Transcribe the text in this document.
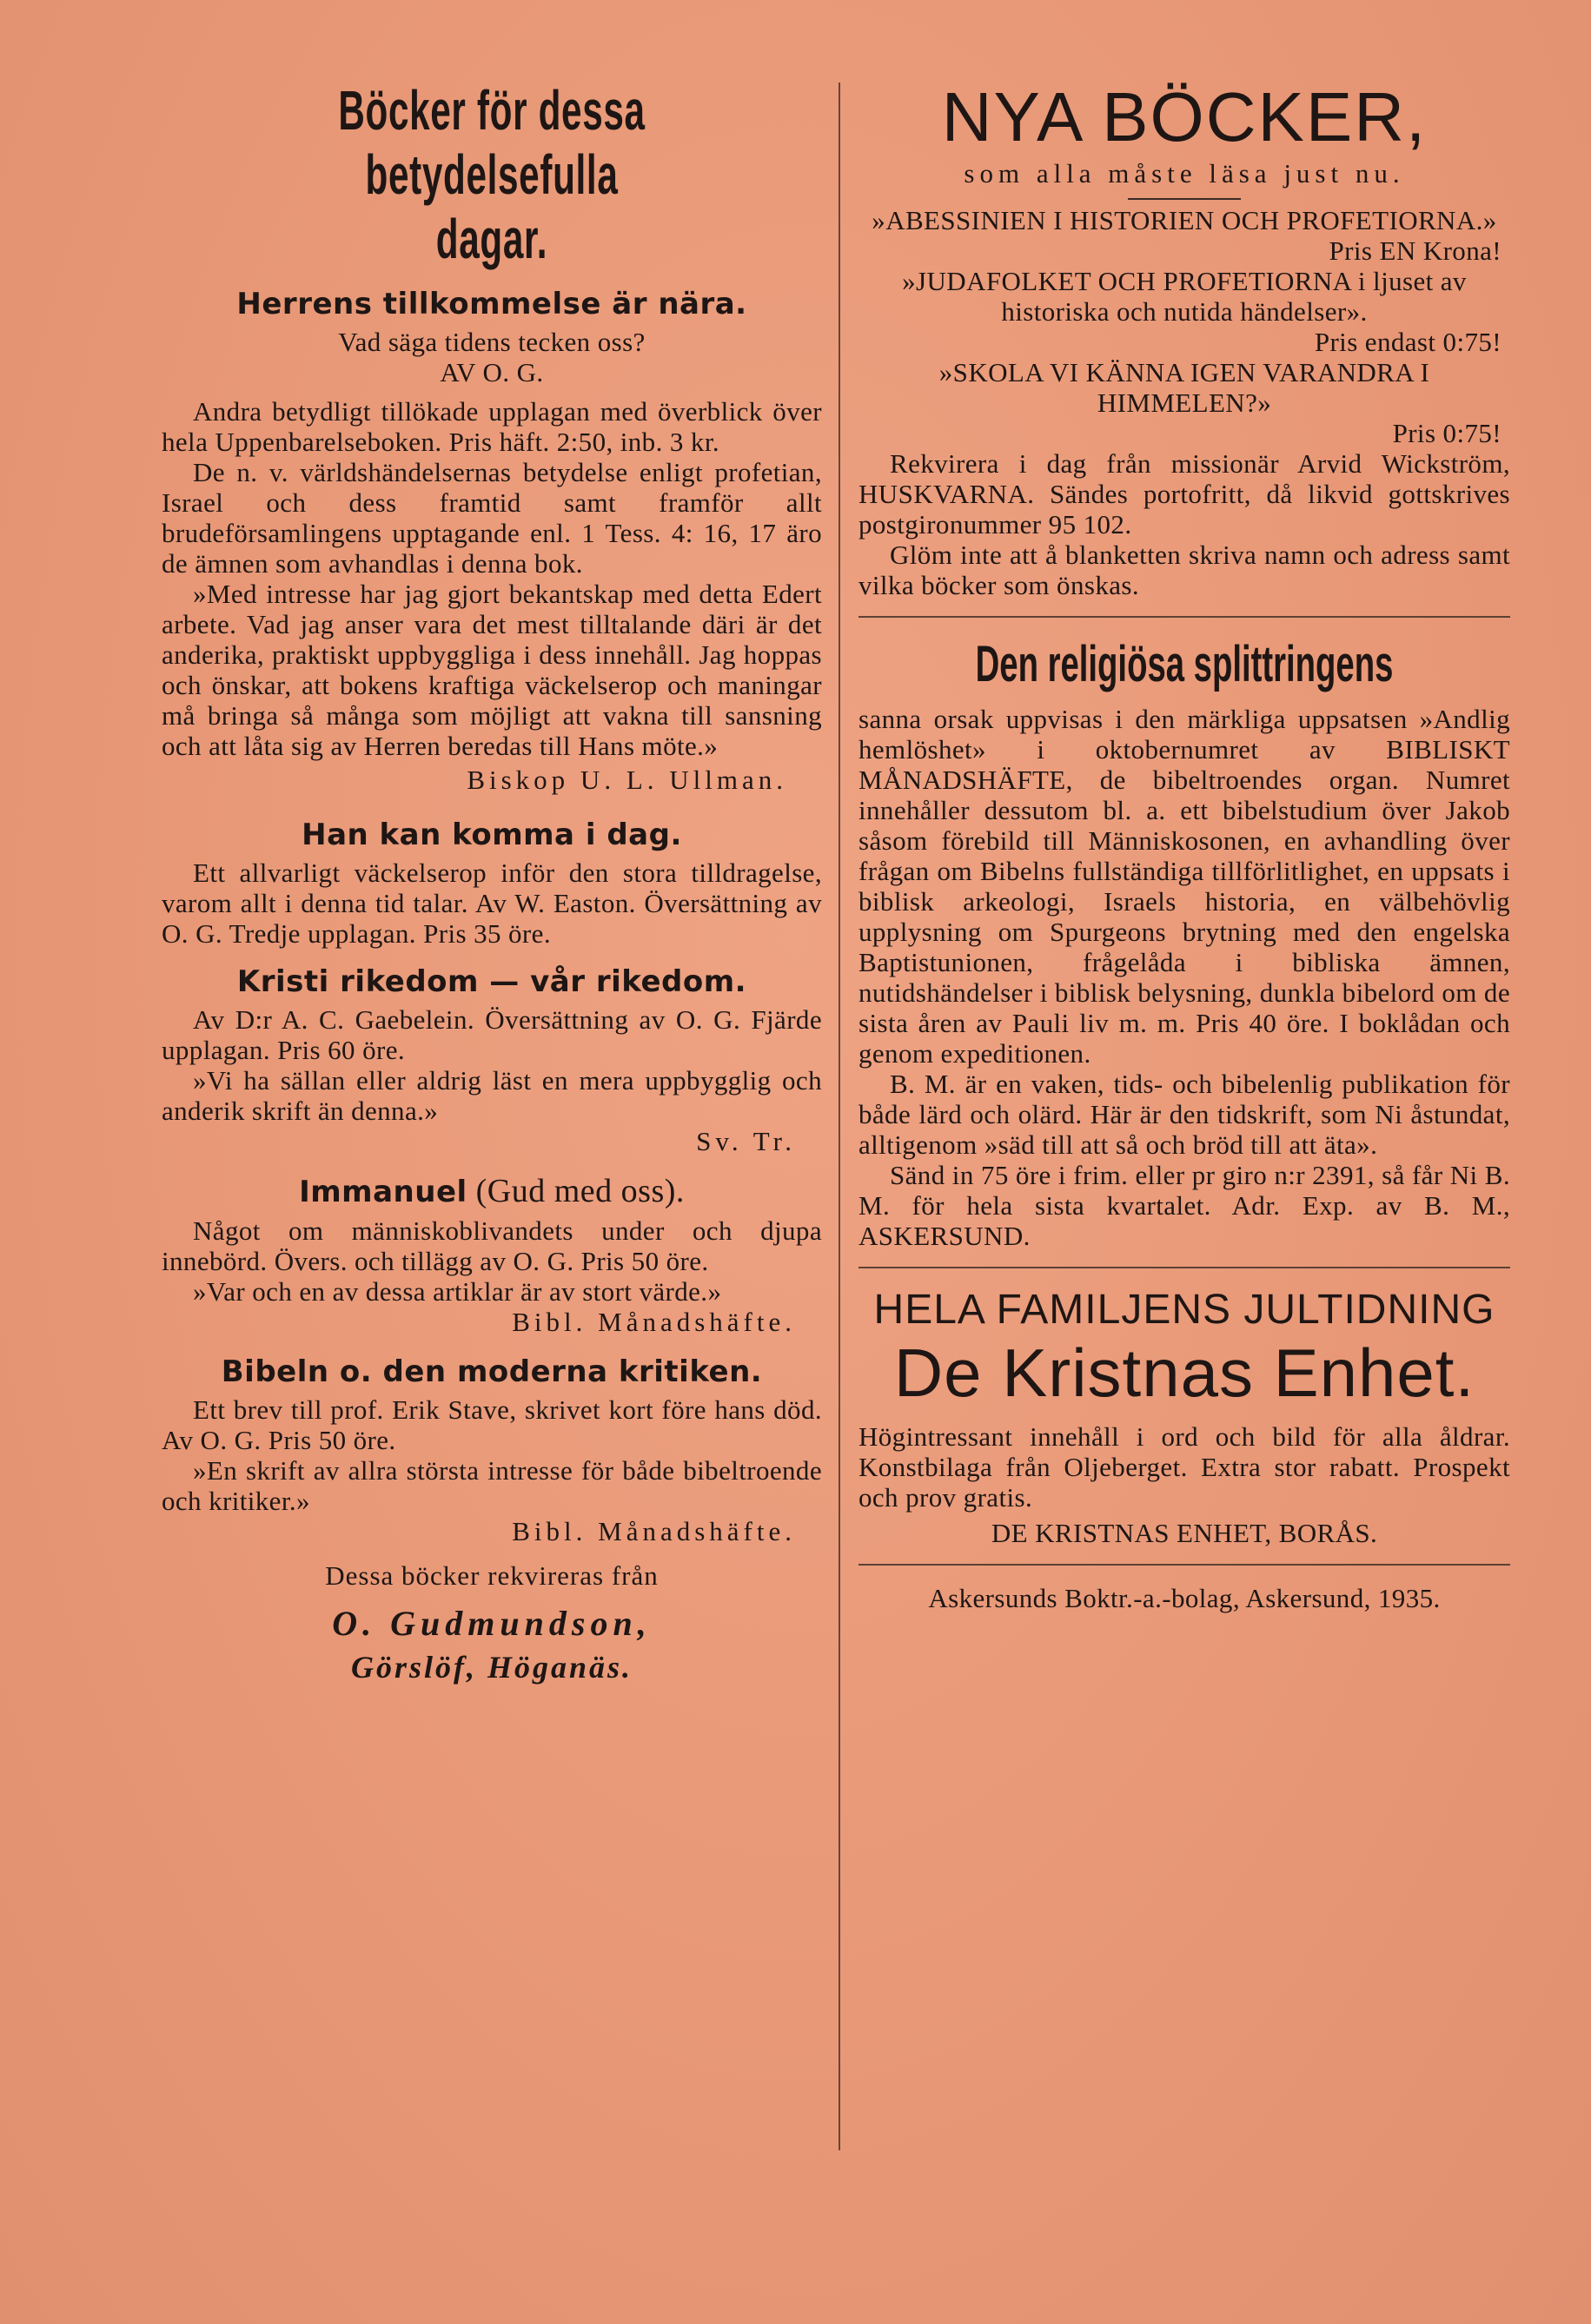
Böcker för dessa betydelsefulla
dagar.
Herrens tillkommelse är nära.

Vad säga tidens tecken oss?

AV O. G.

Andra betydligt tillökade upplagan med överblick över hela Uppenbarelseboken. Pris häft. 2:50, inb. 3 kr.

De n. v. världshändelsernas betydelse enligt profetian, Israel och dess framtid samt framför allt brudeförsamlingens upptagande enl. 1 Tess. 4: 16, 17 äro de ämnen som avhandlas i denna bok.

»Med intresse har jag gjort bekantskap med detta Edert arbete. Vad jag anser vara det mest tilltalande däri är det anderika, praktiskt uppbyggliga i dess innehåll. Jag hoppas och önskar, att bokens kraftiga väckelserop och maningar må bringa så många som möjligt att vakna till sansning och att låta sig av Herren beredas till Hans möte.»

Biskop U. L. Ullman.

Han kan komma i dag.

Ett allvarligt väckelserop inför den stora tilldragelse, varom allt i denna tid talar. Av W. Easton. Översättning av O. G. Tredje upplagan. Pris 35 öre.

Kristi rikedom — vår rikedom.

Av D:r A. C. Gaebelein. Översättning av O. G. Fjärde upplagan. Pris 60 öre.

»Vi ha sällan eller aldrig läst en mera uppbygglig och anderik skrift än denna.»

Sv. Tr.

Immanuel (Gud med oss).

Något om människoblivandets under och djupa innebörd. Övers. och tillägg av O. G. Pris 50 öre.

»Var och en av dessa artiklar är av stort värde.»

Bibl. Månadshäfte.

Bibeln o. den moderna kritiken.

Ett brev till prof. Erik Stave, skrivet kort före hans död. Av O. G. Pris 50 öre.

»En skrift av allra största intresse för både bibeltroende och kritiker.»

Bibl. Månadshäfte.

Dessa böcker rekvireras från

O. Gudmundson,
Görslöf, Höganäs.
NYA BÖCKER,
som alla måste läsa just nu.

»ABESSINIEN I HISTORIEN OCH PROFETIORNA.»

Pris EN Krona!

»JUDAFOLKET OCH PROFETIORNA i ljuset av historiska och nutida händelser».

Pris endast 0:75!

»SKOLA VI KÄNNA IGEN VARANDRA I HIMMELEN?»

Pris 0:75!

Rekvirera i dag från missionär Arvid Wickström, HUSKVARNA. Sändes portofritt, då likvid gottskrives postgironummer 95 102.

Glöm inte att å blanketten skriva namn och adress samt vilka böcker som önskas.

Den religiösa splittringens

sanna orsak uppvisas i den märkliga uppsatsen »Andlig hemlöshet» i oktobernumret av BIBLISKT MÅNADSHÄFTE, de bibeltroendes organ. Numret innehåller dessutom bl. a. ett bibelstudium över Jakob såsom förebild till Människosonen, en avhandling över frågan om Bibelns fullständiga tillförlitlighet, en uppsats i biblisk arkeologi, Israels historia, en välbehövlig upplysning om Spurgeons brytning med den engelska Baptistunionen, frågelåda i bibliska ämnen, nutidshändelser i biblisk belysning, dunkla bibelord om de sista åren av Pauli liv m. m. Pris 40 öre. I boklådan och genom expeditionen.

B. M. är en vaken, tids- och bibelenlig publikation för både lärd och olärd. Här är den tidskrift, som Ni åstundat, alltigenom »säd till att så och bröd till att äta».

Sänd in 75 öre i frim. eller pr giro n:r 2391, så får Ni B. M. för hela sista kvartalet. Adr. Exp. av B. M., ASKERSUND.

HELA FAMILJENS JULTIDNING
De Kristnas Enhet.

Högintressant innehåll i ord och bild för alla åldrar. Konstbilaga från Oljeberget. Extra stor rabatt. Prospekt och prov gratis.

DE KRISTNAS ENHET, BORÅS.

Askersunds Boktr.-a.-bolag, Askersund, 1935.
